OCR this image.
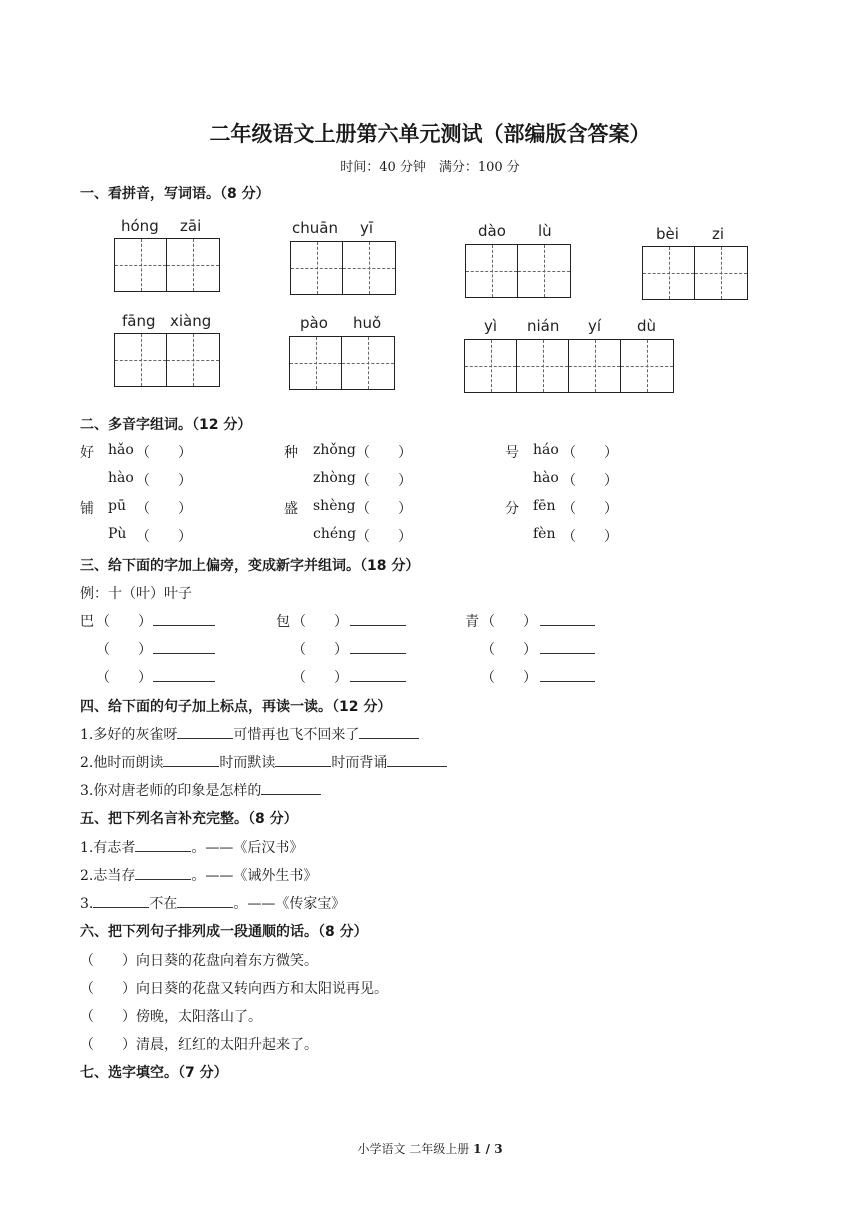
二年级语文上册第六单元测试（部编版含答案）
时间：40 分钟　满分：100 分
一、看拼音，写词语。（8 分）
hóng zāi	chuān yī	dào lù	bèi zi
fāng xiàng	pào huǒ	yì nián yí dù
二、多音字组词。（12 分）
好 hǎo （　　）
hào （　　）
种 zhǒng （　　）
zhòng （　　）
号 háo （　　）
hào （　　）
铺 pū （　　）
Pù （　　）
盛 shèng （　　）
chéng （　　）
分 fēn （　　）
fèn （　　）
三、给下面的字加上偏旁，变成新字并组词。（18 分）
例：十（叶）叶子
巴 （　　）
（　　）
（　　）
包 （　　）
（　　）
（　　）
青 （　　）
（　　）
（　　）
四、给下面的句子加上标点，再读一读。（12 分）
1.多好的灰雀呀	可惜再也飞不回来了
2.他时而朗读	时而默读	时而背诵
3.你对唐老师的印象是怎样的
五、把下列名言补充完整。（8 分）
1.有志者	。——《后汉书》
2.志当存	。——《诫外生书》
3.	不在	。——《传家宝》
六、把下列句子排列成一段通顺的话。（8 分）
（　　）向日葵的花盘向着东方微笑。
（　　）向日葵的花盘又转向西方和太阳说再见。
（　　）傍晚，太阳落山了。
（　　）清晨，红红的太阳升起来了。
七、选字填空。（7 分）
小学语文 二年级上册 1 / 3
